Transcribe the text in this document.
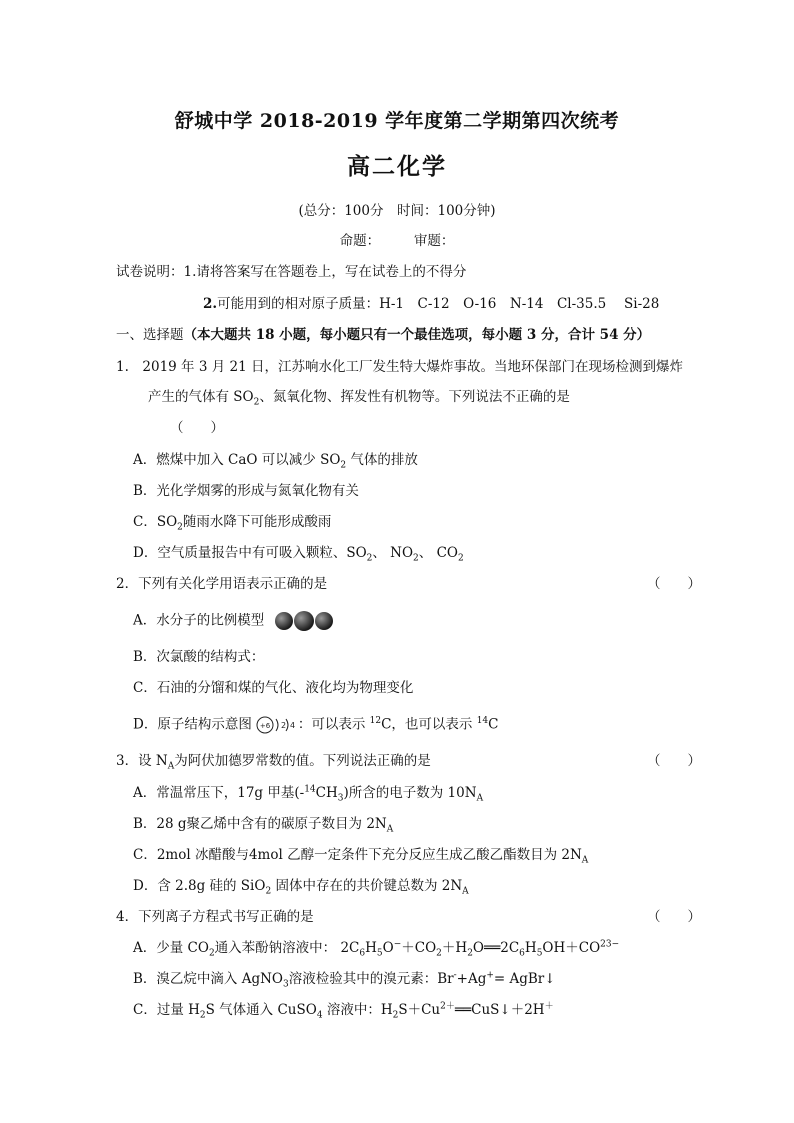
舒城中学 2018-2019 学年度第二学期第四次统考
高二化学
(总分：100分　时间：100分钟)
命题：　　　审题：
试卷说明：1.请将答案写在答题卷上，写在试卷上的不得分
2.可能用到的相对原子质量：H-1　C-12　O-16　N-14　Cl-35.5　 Si-28
一、选择题（本大题共 18 小题，每小题只有一个最佳选项，每小题 3 分，合计 54 分）
1.　 2019 年 3 月 21 日，江苏响水化工厂发生特大爆炸事故。当地环保部门在现场检测到爆炸
产生的气体有 $SO_2$、氮氧化物、挥发性有机物等。下列说法不正确的是
（　　）
A．燃煤中加入 CaO 可以减少 $SO_2$ 气体的排放
B．光化学烟雾的形成与氮氧化物有关
C．$SO_2$随雨水降下可能形成酸雨
D．空气质量报告中有可吸入颗粒、$SO_2$、 $NO_2$、 $CO_2$
2．下列有关化学用语表示正确的是	（　　）
A．水分子的比例模型
B．次氯酸的结构式：
C．石油的分馏和煤的气化、液化均为物理变化
D．原子结构示意图 +6 2 4 ：可以表示 $^{12}$C，也可以表示 $^{14}$C
3．设 $N_A$为阿伏加德罗常数的值。下列说法正确的是	（　　）
A．常温常压下，17g 甲基$(-^{14}CH_3)$所含的电子数为 $10N_A$
B．28 g聚乙烯中含有的碳原子数目为 $2N_A$
C．2mol 冰醋酸与4mol 乙醇一定条件下充分反应生成乙酸乙酯数目为 $2N_A$
D．含 2.8g 硅的 SiO$_2$ 固体中存在的共价键总数为 $2N_A$
4．下列离子方程式书写正确的是	（　　）
A．少量 $CO_2$通入苯酚钠溶液中： $2C_6H_5O^-+CO_2+H_2O══2C_6H_5OH+CO^{23-}$
B．溴乙烷中滴入 AgNO$_3$溶液检验其中的溴元素：Br-+Ag+= AgBr↓
C．过量 $H_2S$ 气体通入 CuSO$_4$ 溶液中：$H_2S+Cu^{2+}══CuS↓+2H^+$
